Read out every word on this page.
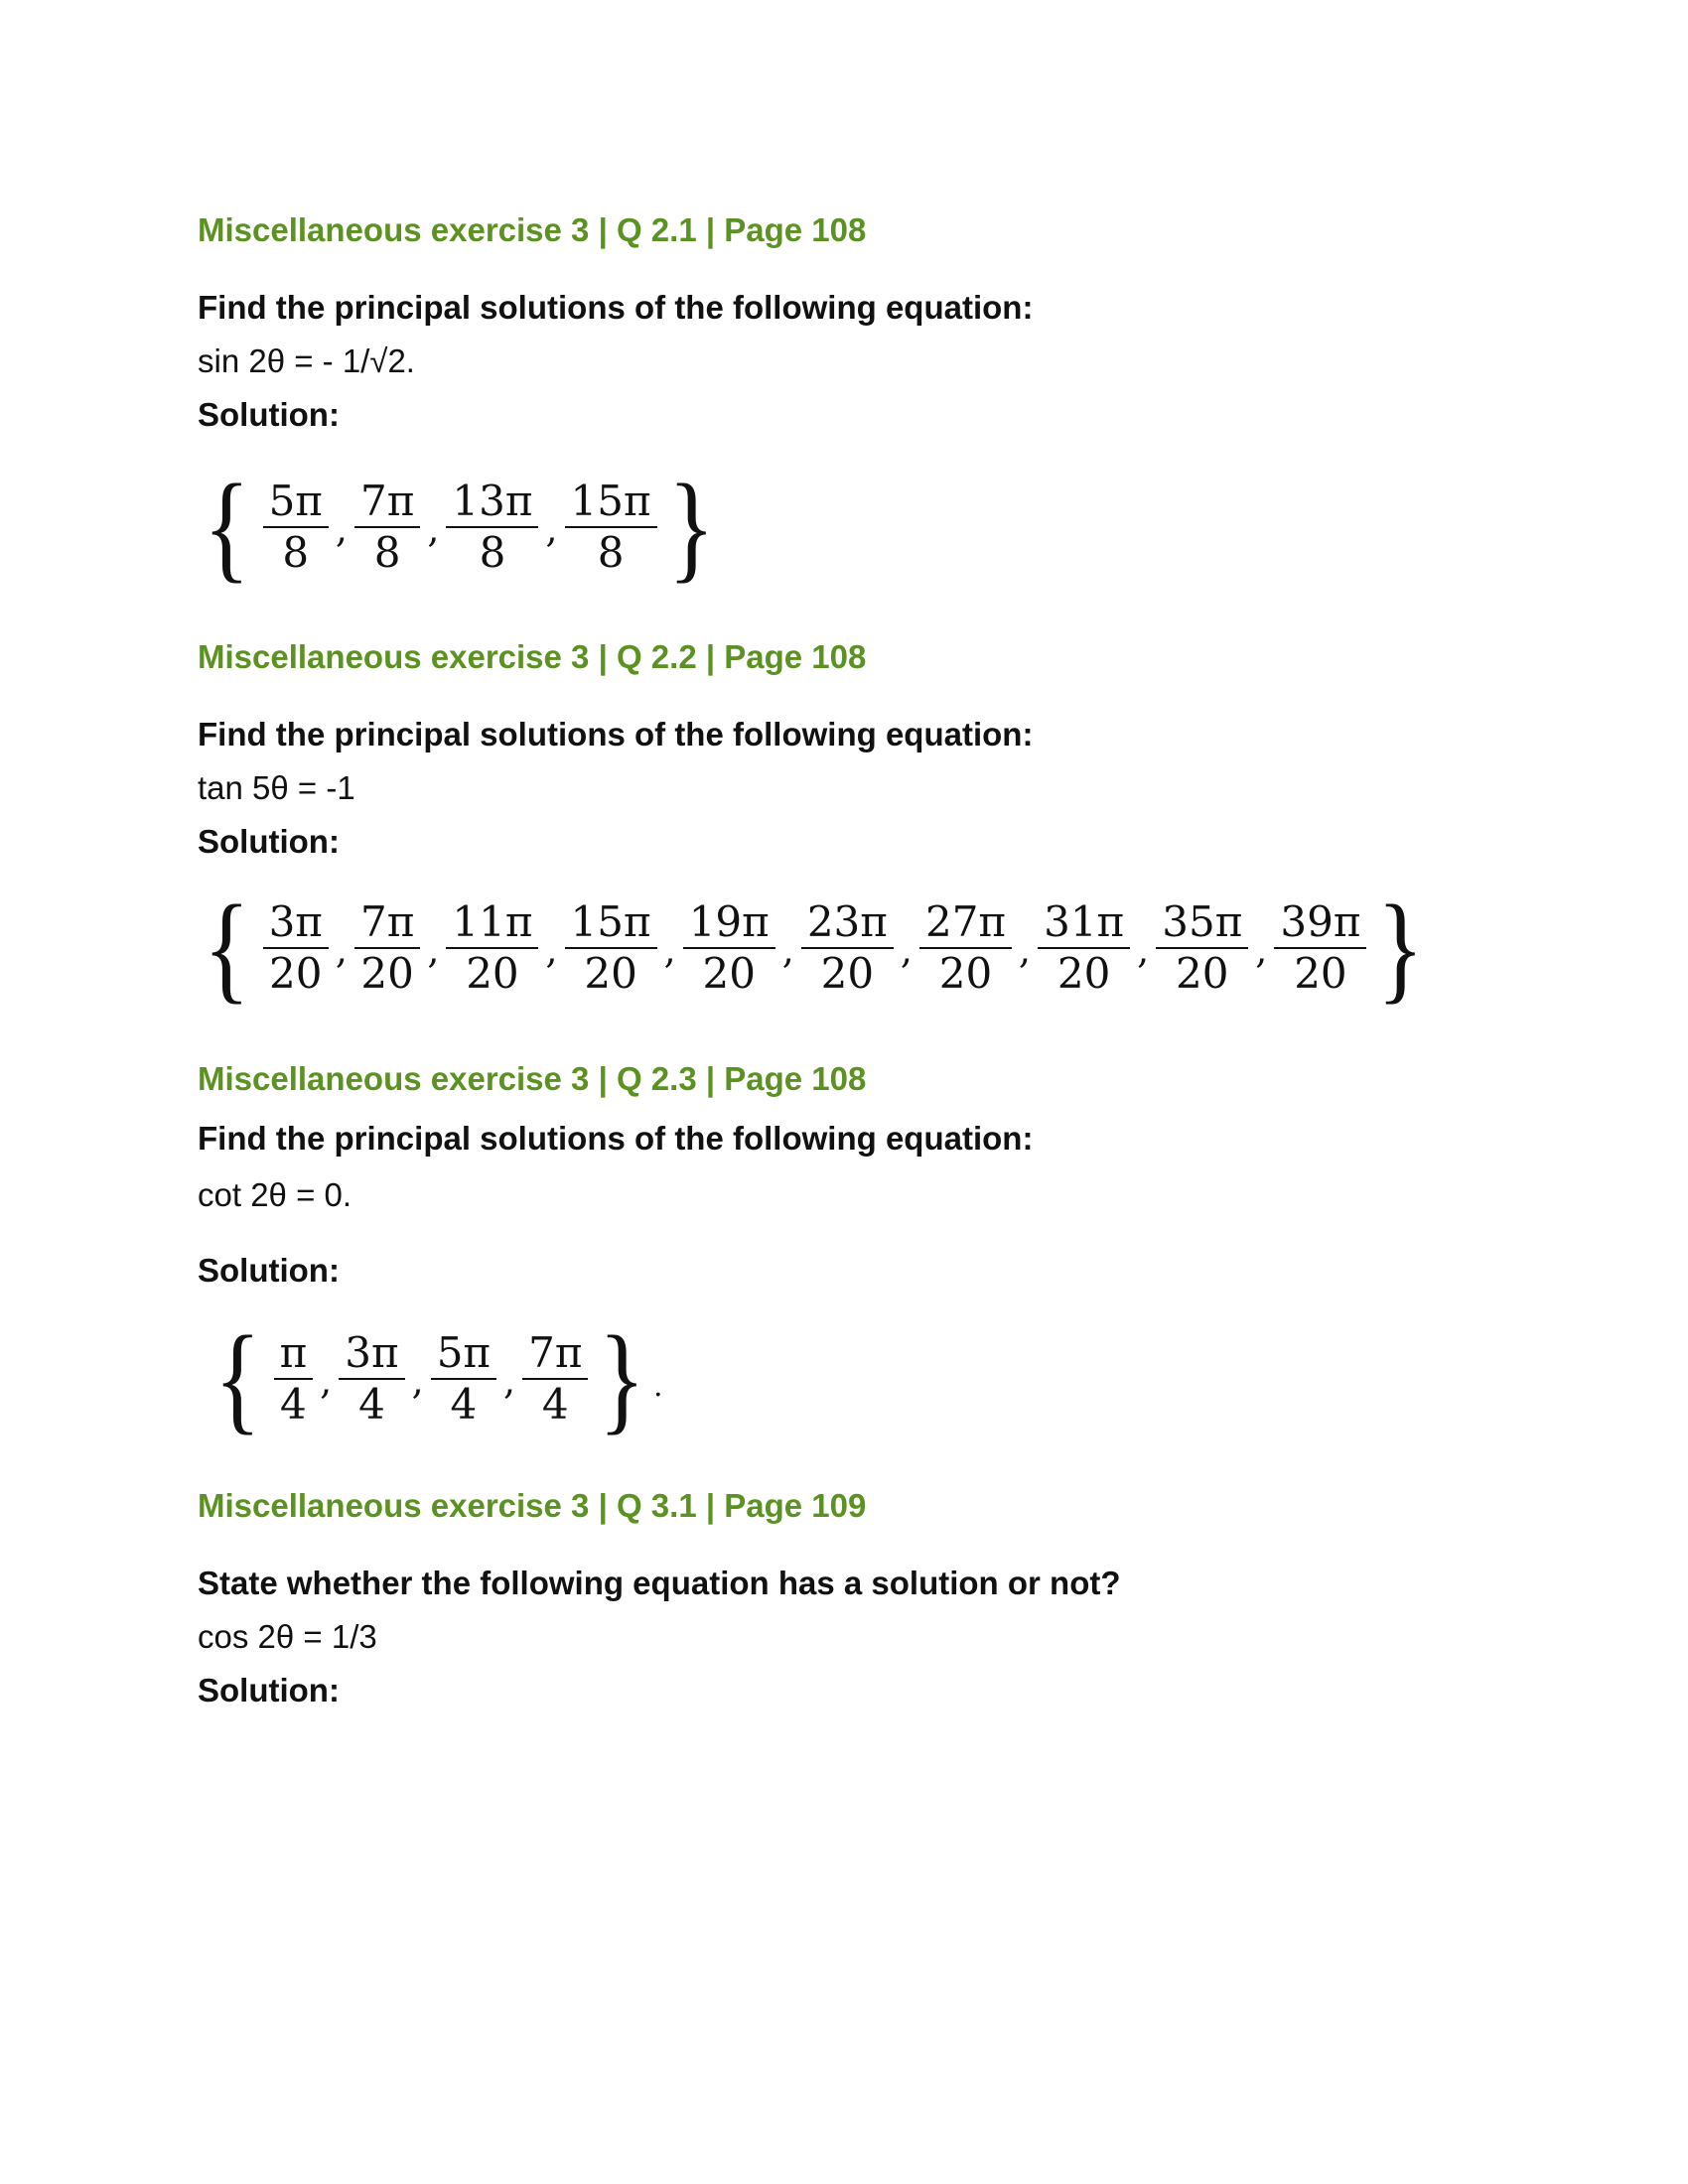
Miscellaneous exercise 3 | Q 2.1 | Page 108
Find the principal solutions of the following equation:
sin 2θ = - 1/√2.
Solution:
{ $\frac{5\pi}{8}$ , $\frac{7\pi}{8}$ , $\frac{13\pi}{8}$ , $\frac{15\pi}{8}$ }
Miscellaneous exercise 3 | Q 2.2 | Page 108
Find the principal solutions of the following equation:
tan 5θ = -1
Solution:
{ $\frac{3\pi}{20}$ , $\frac{7\pi}{20}$ , $\frac{11\pi}{20}$ , $\frac{15\pi}{20}$ , $\frac{19\pi}{20}$ , $\frac{23\pi}{20}$ , $\frac{27\pi}{20}$ , $\frac{31\pi}{20}$ , $\frac{35\pi}{20}$ , $\frac{39\pi}{20}$ }
Miscellaneous exercise 3 | Q 2.3 | Page 108
Find the principal solutions of the following equation:
cot 2θ = 0.
Solution:
{ $\frac{\pi}{4}$ , $\frac{3\pi}{4}$ , $\frac{5\pi}{4}$ , $\frac{7\pi}{4}$ } .
Miscellaneous exercise 3 | Q 3.1 | Page 109
State whether the following equation has a solution or not?
cos 2θ = 1/3
Solution:
